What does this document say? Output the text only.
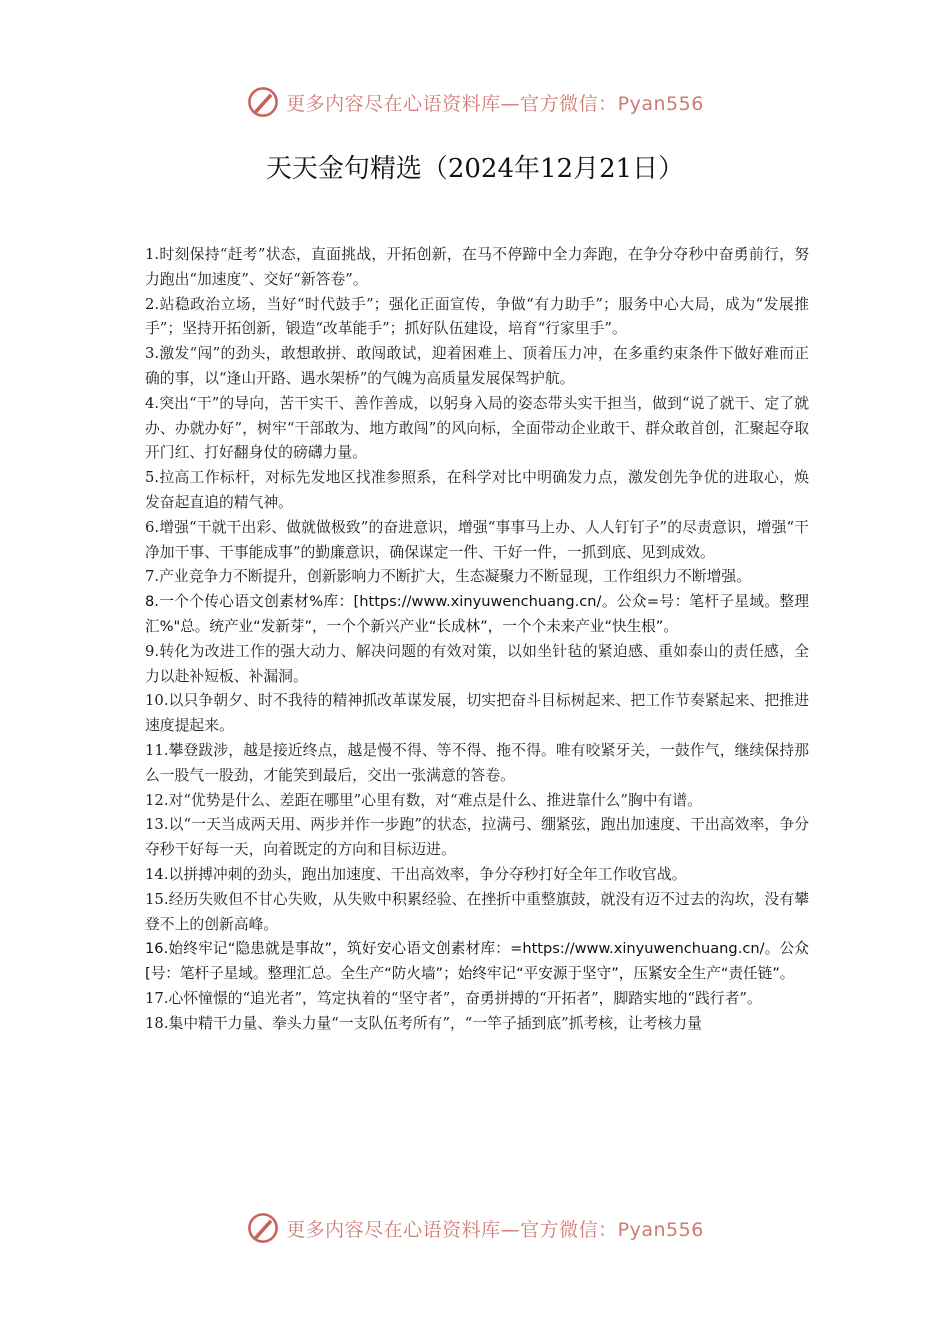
更多内容尽在心语资料库—官方微信：Pyan556
天天金句精选（2024年12月21日）

1.时刻保持“赶考”状态，直面挑战，开拓创新，在马不停蹄中全力奔跑，在争分夺秒中奋勇前行，努力跑出“加速度”、交好“新答卷”。

2.站稳政治立场，当好“时代鼓手”；强化正面宣传，争做“有力助手”；服务中心大局，成为“发展推手”；坚持开拓创新，锻造“改革能手”；抓好队伍建设，培育“行家里手”。

3.激发“闯”的劲头，敢想敢拼、敢闯敢试，迎着困难上、顶着压力冲，在多重约束条件下做好难而正确的事，以“逢山开路、遇水架桥”的气魄为高质量发展保驾护航。

4.突出“干”的导向，苦干实干、善作善成，以躬身入局的姿态带头实干担当，做到“说了就干、定了就办、办就办好”，树牢“干部敢为、地方敢闯”的风向标，全面带动企业敢干、群众敢首创，汇聚起夺取开门红、打好翻身仗的磅礴力量。

5.拉高工作标杆，对标先发地区找准参照系，在科学对比中明确发力点，激发创先争优的进取心，焕发奋起直追的精气神。

6.增强“干就干出彩、做就做极致”的奋进意识，增强“事事马上办、人人钉钉子”的尽责意识，增强“干净加干事、干事能成事”的勤廉意识，确保谋定一件、干好一件，一抓到底、见到成效。

7.产业竞争力不断提升，创新影响力不断扩大，生态凝聚力不断显现，工作组织力不断增强。

8.一个个传心语文创素材%库：[https://www.xinyuwenchuang.cn/。公众=号：笔杆子星域。整理汇%"总。统产业“发新芽”，一个个新兴产业“长成林”，一个个未来产业“快生根”。

9.转化为改进工作的强大动力、解决问题的有效对策，以如坐针毡的紧迫感、重如泰山的责任感，全力以赴补短板、补漏洞。

10.以只争朝夕、时不我待的精神抓改革谋发展，切实把奋斗目标树起来、把工作节奏紧起来、把推进速度提起来。

11.攀登跋涉，越是接近终点，越是慢不得、等不得、拖不得。唯有咬紧牙关，一鼓作气，继续保持那么一股气一股劲，才能笑到最后，交出一张满意的答卷。

12.对“优势是什么、差距在哪里”心里有数，对“难点是什么、推进靠什么”胸中有谱。

13.以“一天当成两天用、两步并作一步跑”的状态，拉满弓、绷紧弦，跑出加速度、干出高效率，争分夺秒干好每一天，向着既定的方向和目标迈进。

14.以拼搏冲刺的劲头，跑出加速度、干出高效率，争分夺秒打好全年工作收官战。

15.经历失败但不甘心失败，从失败中积累经验、在挫折中重整旗鼓，就没有迈不过去的沟坎，没有攀登不上的创新高峰。

16.始终牢记“隐患就是事故”，筑好安心语文创素材库：=https://www.xinyuwenchuang.cn/。公众[号：笔杆子星域。整理汇总。全生产“防火墙”；始终牢记“平安源于坚守”，压紧安全生产“责任链”。

17.心怀憧憬的“追光者”，笃定执着的“坚守者”，奋勇拼搏的“开拓者”，脚踏实地的“践行者”。

18.集中精干力量、拳头力量“一支队伍考所有”，“一竿子插到底”抓考核，让考核力量

更多内容尽在心语资料库—官方微信：Pyan556
